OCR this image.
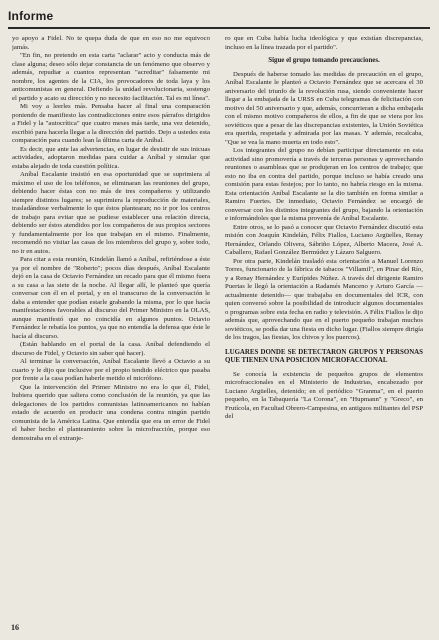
Informe

yo apoyo a Fidel. No te quepa duda de que en eso no me equivoco jamás.

"En fin, no pretendo en esta carta "aclarar" acto y conducta más de clase alguna; deseo sólo dejar constancia de un fenómeno que observo y además, repudiar a cuantos representan "acreditar" falsamente mi nombre, los agentes de la CIA, los provocadores de toda laya y los anticomunistas en general. Defiendo la unidad revolucionaria, sostengo el partido y acato su dirección y no necesito facilitación. Tal es mi línea".

Mi voy a leerles más. Pensaba hacer al final una comparación poniendo de manifiesto las contradicciones entre esos párrafos dirigidos a Fidel y la "autocrítica" que cuatro meses más tarde, una vez detenido, escribió para hacerla llegar a la dirección del partido. Dejo a ustedes esta comparación para cuando lean la última carta de Aníbal.

Es decir, que ante las advertencias, en lugar de desistir de sus inicuas actividades, adoptaron medidas para cuidar a Aníbal y simular que estaba alejado de toda cuestión política.

Aníbal Escalante insistió en esa oportunidad que se suprimiera al máximo el uso de los teléfonos, se eliminaran las reuniones del grupo, debiendo hacer éstas con no más de tres compañeros y utilizando siempre distintos lugares; se suprimiera la reproducción de materiales, trasladándose verbalmente lo que éstos plantearan; no ir por los centros de trabajo para evitar que se pudiese establecer una relación directa, debiendo ser éstos atendidos por los compañeros de sus propios sectores y fundamentalmente por los que trabajan en el mismo. Finalmente, recomendó no visitar las casas de los miembros del grupo y, sobre todo, no ir en autos.

Para citar a esta reunión, Kindelán llamó a Aníbal, refiriéndose a éste ya por el nombre de "Roberto"; pocos días después, Aníbal Escalante dejó en la casa de Octavio Fernández un recado para que él mismo fuera a su casa a las siete de la noche. Al llegar allí, le planteó que quería conversar con él en el portal, y en el transcurso de la conversación le daba a entender que podían estarle grabando la misma, por lo que hacía manifestaciones favorables al discurso del Primer Ministro en la OLAS, aunque manifestó que no coincidía en algunos puntos. Octavio Fernández le rebatía los puntos, ya que no entendía la defensa que éste le hacía al discurso.

(Están hablando en el portal de la casa. Aníbal defendiendo el discurso de Fidel, y Octavio sin saber qué hacer).

Al terminar la conversación, Aníbal Escalante llevó a Octavio a su cuarto y le dijo que inclusive por el propio tendido eléctrico que pasaba por frente a la casa podían haberle metido el micrófono.

Que la intervención del Primer Ministro no era lo que él, Fidel, hubiera querido que saliera como conclusión de la reunión, ya que las delegaciones de los partidos comunistas latinoamericanos no habían estado de acuerdo en producir una condena contra ningún partido comunista de la América Latina. Que entendía que era un error de Fidel el haber hecho el planteamiento sobre la microfracción, porque eso demostraba en el extranje-

ro que en Cuba había lucha ideológica y que existían discrepancias, incluso en la línea trazada por el partido".

Sigue el grupo tomando precauciones.

Después de haberse tomado las medidas de precaución en el grupo, Aníbal Escalante le planteó a Octavio Fernández que se acercara el 30 aniversario del triunfo de la revolución rusa, siendo conveniente hacer llegar a la embajada de la URSS en Cuba telegramas de felicitación con motivo del 50 aniversario y que, además, concurrieran a dicha embajada con el mismo motivo compañeros de ellos, a fin de que se viera por los soviéticos que a pesar de las discrepancias existentes, la Unión Soviética era querida, respetada y admirada por las masas. Y además, recalcaba, "Que se vea la mano muerta en todo esto".

Los integrantes del grupo no debían participar directamente en esta actividad sino promovería a través de terceras personas y aprovechando reuniones o asambleas que se produjeran en los centros de trabajo; que esto no iba en contra del partido, porque incluso se había creado una comisión para estas festejos; por lo tanto, no habría riesgo en la misma. Esta orientación Aníbal Escalante se la dio también en forma similar a Ramiro Fuertes. De inmediato, Octavio Fernández se encargó de conversar con los distintos integrantes del grupo, bajando la orientación e informándoles que la misma provenía de Aníbal Escalante.

Entre otros, se lo pasó a conocer que Octavio Fernández discutió esta misión con Joaquín Kindelán, Félix Fiallos, Luciano Argüelles, Renay Hernández, Orlando Olivera, Sábriño López, Alberto Macera, José A. Caballero, Rafael González Bermúdez y Lázaro Salguero.

Por otra parte, Kindelán trasladó esta orientación a Manuel Lorenzo Torres, funcionario de la fábrica de tabacos "Villamil", en Pinar del Río, y a Renay Hernández y Eurípides Núñez. A través del dirigente Ramiro Puertas le llegó la orientación a Radamés Manceno y Arturo García —actualmente detenido— que trabajaba en documentales del ICR, con quien conversó sobre la posibilidad de introducir algunos documentales o programas sobre esta fecha en radio y televisión. A Félix Fiallos le dijo además que, aprovechando que en el puerto pequeño trabajan muchos soviéticos, se podía dar una fiesta en dicho lugar. (Fiallos siempre dirigía de los tragos, las fiestas, los chivos y los puercos).

LUGARES DONDE SE DETECTARON GRUPOS Y PERSONAS QUE TIENEN UNA POSICION MICROFACCIONAL

Se conocía la existencia de pequeños grupos de elementos microfraccionales en el Ministerio de Industrias, encabezado por Luciano Argüelles, detenido; en el periódico "Granma", en el puerto pequeño, en la Tabaquería "La Corona", en "Hupmann" y "Greco", en Frutícola, en Facultad Obrero-Campesina, en antiguos militantes del PSP del

16
